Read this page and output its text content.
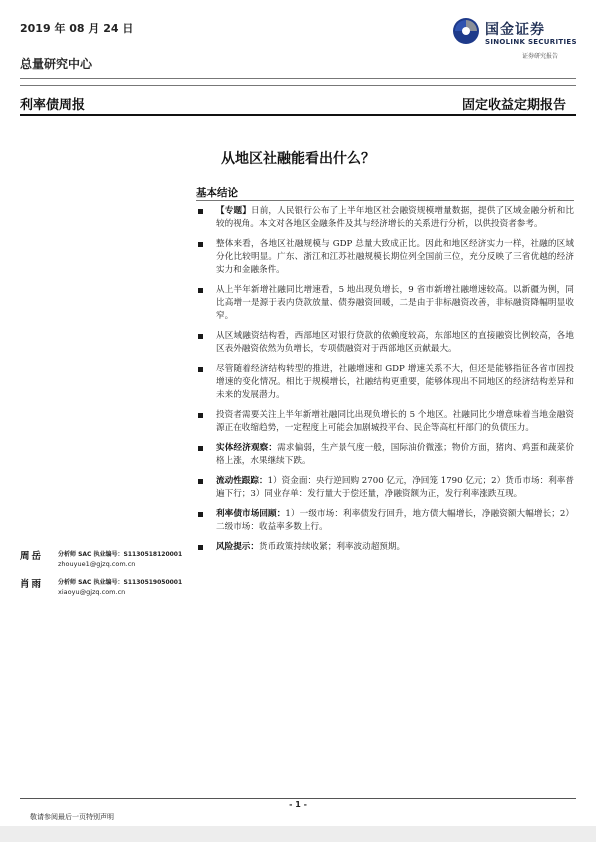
2019 年 08 月 24 日	国金证券
SINOLINK SECURITIES
证券研究报告
总量研究中心
利率债周报	固定收益定期报告
从地区社融能看出什么？
基本结论
【专题】日前，人民银行公布了上半年地区社会融资规模增量数据，提供了区域金融分析和比较的视角。本文对各地区金融条件及其与经济增长的关系进行分析，以供投资者参考。
整体来看，各地区社融规模与 GDP 总量大致成正比。因此和地区经济实力一样，社融的区域分化比较明显。广东、浙江和江苏社融规模长期位列全国前三位，充分反映了三省优越的经济实力和金融条件。
从上半年新增社融同比增速看，5 地出现负增长，9 省市新增社融增速较高。以新疆为例，同比高增一是源于表内贷款放量、债券融资回暖，二是由于非标融资改善，非标融资降幅明显收窄。
从区域融资结构看，西部地区对银行贷款的依赖度较高，东部地区的直接融资比例较高，各地区表外融资依然为负增长，专项债融资对于西部地区贡献最大。
尽管随着经济结构转型的推进，社融增速和 GDP 增速关系不大，但还是能够指征各省市固投增速的变化情况。相比于规模增长，社融结构更重要，能够体现出不同地区的经济结构差异和未来的发展潜力。
投资者需要关注上半年新增社融同比出现负增长的 5 个地区。社融同比少增意味着当地金融资源正在收缩趋势，一定程度上可能会加剧城投平台、民企等高杠杆部门的负债压力。
实体经济观察：需求偏弱，生产景气度一般，国际油价微涨；物价方面，猪肉、鸡蛋和蔬菜价格上涨，水果继续下跌。
流动性跟踪：1）资金面：央行逆回购 2700 亿元，净回笼 1790 亿元；2）货币市场：利率普遍下行；3）同业存单：发行量大于偿还量，净融资额为正，发行利率涨跌互现。
利率债市场回顾：1）一级市场：利率债发行回升，地方债大幅增长，净融资额大幅增长；2）二级市场：收益率多数上行。
风险提示：货币政策持续收紧；利率波动超预期。
周岳 分析师 SAC 执业编号：S1130518120001
zhouyue1@gjzq.com.cn
肖雨 分析师 SAC 执业编号：S1130519050001
xiaoyu@gjzq.com.cn
- 1 -
敬请参阅最后一页特别声明
